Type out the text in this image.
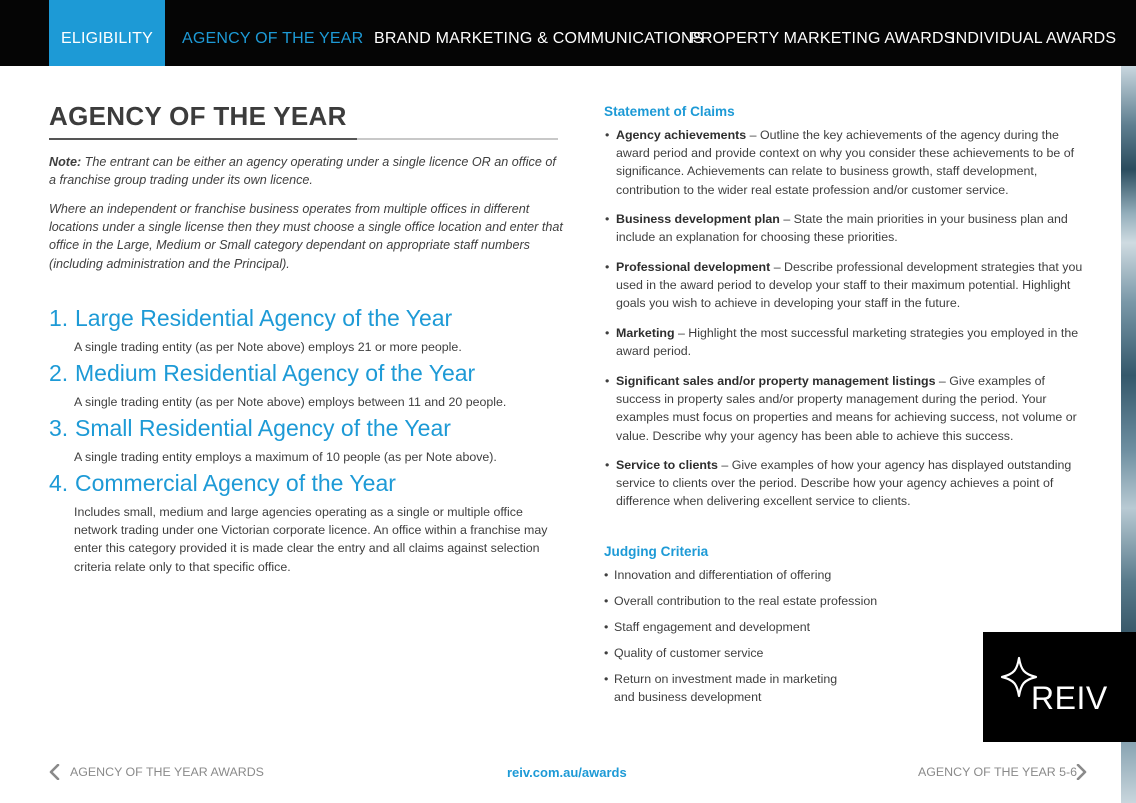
ELIGIBILITY	AGENCY OF THE YEAR BRAND MARKETING & COMMUNICATIONS
PROPERTY MARKETING AWARDS
INDIVIDUAL AWARDS
AGENCY OF THE YEAR

Note: The entrant can be either an agency operating under a single licence OR an office of a franchise group trading under its own licence.

Where an independent or franchise business operates from multiple offices in different locations under a single license then they must choose a single office location and enter that office in the Large, Medium or Small category dependant on appropriate staff numbers (including administration and the Principal).

1. Large Residential Agency of the Year

A single trading entity (as per Note above) employs 21 or more people.

2. Medium Residential Agency of the Year

A single trading entity (as per Note above) employs between 11 and 20 people.

3. Small Residential Agency of the Year

A single trading entity employs a maximum of 10 people (as per Note above).

4. Commercial Agency of the Year

Includes small, medium and large agencies operating as a single or multiple office network trading under one Victorian corporate licence. An office within a franchise may enter this category provided it is made clear the entry and all claims against selection criteria relate only to that specific office.

Statement of Claims
• Agency achievements – Outline the key achievements of the agency during the award period and provide context on why you consider these achievements to be of significance. Achievements can relate to business growth, staff development, contribution to the wider real estate profession and/or customer service.
• Business development plan – State the main priorities in your business plan and include an explanation for choosing these priorities.
• Professional development – Describe professional development strategies that you used in the award period to develop your staff to their maximum potential. Highlight goals you wish to achieve in developing your staff in the future.
• Marketing – Highlight the most successful marketing strategies you employed in the award period.
• Significant sales and/or property management listings – Give examples of success in property sales and/or property management during the period. Your examples must focus on properties and means for achieving success, not volume or value. Describe why your agency has been able to achieve this success.
• Service to clients – Give examples of how your agency has displayed outstanding service to clients over the period. Describe how your agency achieves a point of difference when delivering excellent service to clients.
Judging Criteria
• Innovation and differentiation of offering
• Overall contribution to the real estate profession
• Staff engagement and development
• Quality of customer service
• Return on investment made in marketing and business development	REIV
AGENCY OF THE YEAR AWARDS	reiv.com.au/awards	AGENCY OF THE YEAR 5-6
